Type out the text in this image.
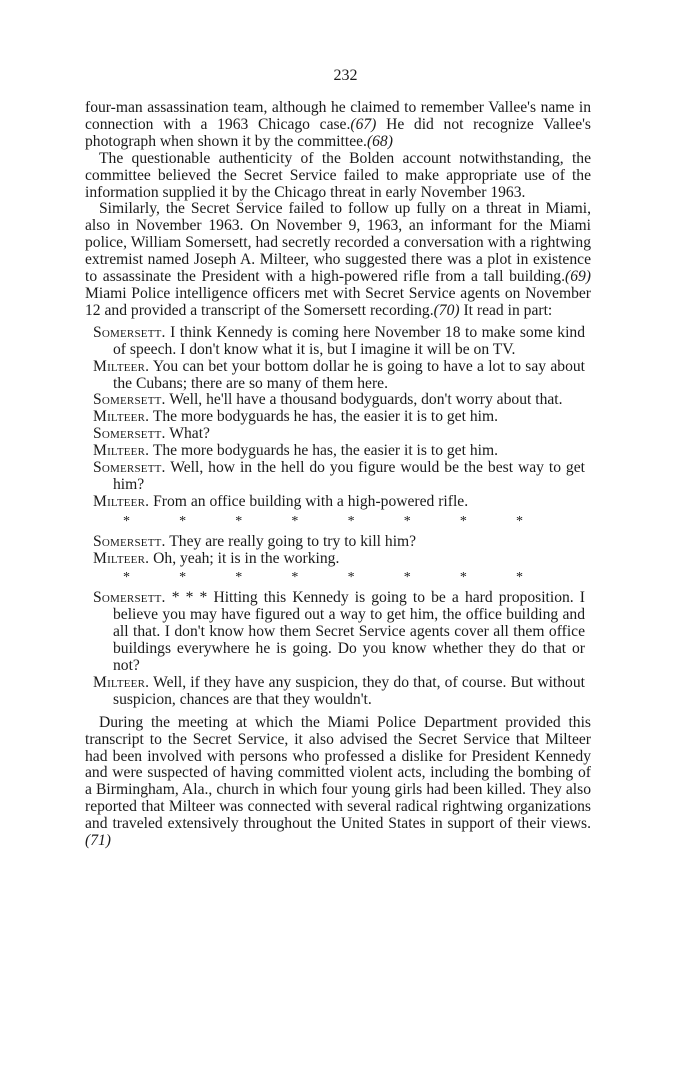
232

four-man assassination team, although he claimed to remember Vallee's name in connection with a 1963 Chicago case.(67) He did not recognize Vallee's photograph when shown it by the committee.(68)

The questionable authenticity of the Bolden account notwithstanding, the committee believed the Secret Service failed to make appropriate use of the information supplied it by the Chicago threat in early November 1963.

Similarly, the Secret Service failed to follow up fully on a threat in Miami, also in November 1963. On November 9, 1963, an informant for the Miami police, William Somersett, had secretly recorded a conversation with a rightwing extremist named Joseph A. Milteer, who suggested there was a plot in existence to assassinate the President with a high-powered rifle from a tall building.(69) Miami Police intelligence officers met with Secret Service agents on November 12 and provided a transcript of the Somersett recording.(70) It read in part:

Somersett. I think Kennedy is coming here November 18 to make some kind of speech. I don't know what it is, but I imagine it will be on TV.

Milteer. You can bet your bottom dollar he is going to have a lot to say about the Cubans; there are so many of them here.

Somersett. Well, he'll have a thousand bodyguards, don't worry about that.

Milteer. The more bodyguards he has, the easier it is to get him.

Somersett. What?

Milteer. The more bodyguards he has, the easier it is to get him.

Somersett. Well, how in the hell do you figure would be the best way to get him?

Milteer. From an office building with a high-powered rifle.

*	*	*	*	*	*	*	*

Somersett. They are really going to try to kill him?

Milteer. Oh, yeah; it is in the working.

*	*	*	*	*	*	*	*

Somersett. * * * Hitting this Kennedy is going to be a hard proposition. I believe you may have figured out a way to get him, the office building and all that. I don't know how them Secret Service agents cover all them office buildings everywhere he is going. Do you know whether they do that or not?

Milteer. Well, if they have any suspicion, they do that, of course. But without suspicion, chances are that they wouldn't.

During the meeting at which the Miami Police Department provided this transcript to the Secret Service, it also advised the Secret Service that Milteer had been involved with persons who professed a dislike for President Kennedy and were suspected of having committed violent acts, including the bombing of a Birmingham, Ala., church in which four young girls had been killed. They also reported that Milteer was connected with several radical rightwing organizations and traveled extensively throughout the United States in support of their views.(71)
